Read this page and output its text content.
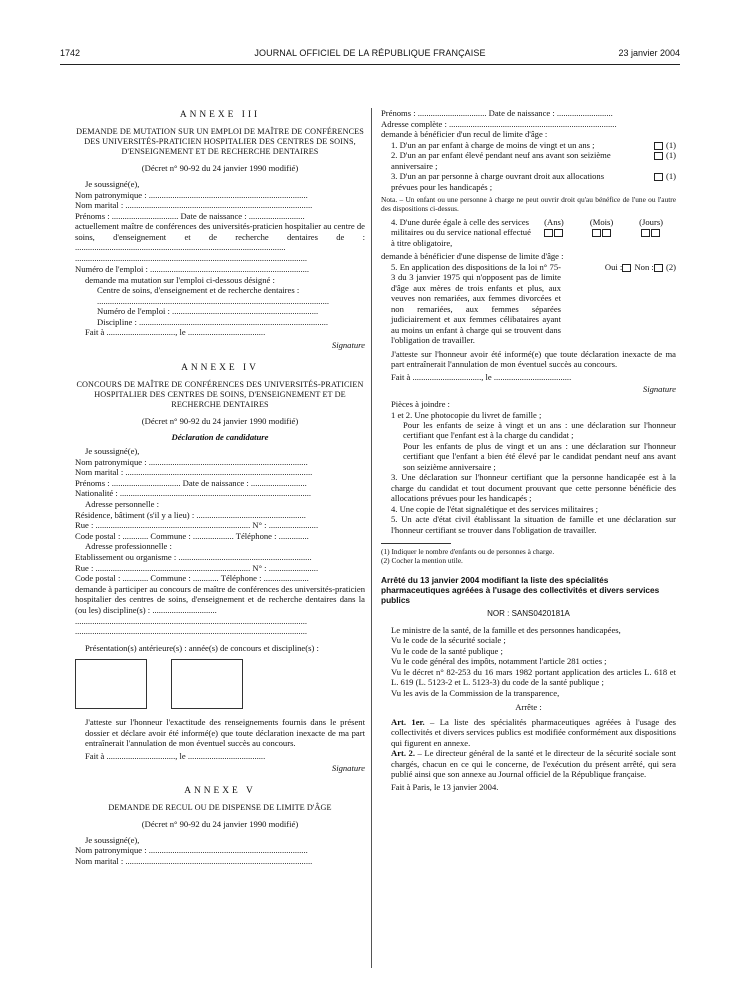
1742	JOURNAL OFFICIEL DE LA RÉPUBLIQUE FRANÇAISE	23 janvier 2004
ANNEXE III
DEMANDE DE MUTATION SUR UN EMPLOI DE MAÎTRE DE CONFÉRENCES DES UNIVERSITÉS-PRATICIEN HOSPITALIER DES CENTRES DE SOINS, D'ENSEIGNEMENT ET DE RECHERCHE DENTAIRES
(Décret n° 90-92 du 24 janvier 1990 modifié)
Je soussigné(e),
Nom patronymique : ..........................................................................
Nom marital : .......................................................................................
Prénoms : ............................... Date de naissance : ..........................
actuellement maître de conférences des universités-praticien hospitalier au centre de soins, d'enseignement et de recherche dentaires de : ..................................................................................................
............................................................................................................
Numéro de l'emploi : ..........................................................................
demande ma mutation sur l'emploi ci-dessous désigné :
Centre de soins, d'enseignement et de recherche dentaires :
............................................................................................................
Numéro de l'emploi : ....................................................................
Discipline : ........................................................................................
Fait à ................................, le ....................................
Signature
ANNEXE IV
CONCOURS DE MAÎTRE DE CONFÉRENCES DES UNIVERSITÉS-PRATICIEN HOSPITALIER DES CENTRES DE SOINS, D'ENSEIGNEMENT ET DE RECHERCHE DENTAIRES
(Décret n° 90-92 du 24 janvier 1990 modifié)
Déclaration de candidature
Je soussigné(e),
Nom patronymique : ..........................................................................
Nom marital : .......................................................................................
Prénoms : ................................ Date de naissance : ..........................
Nationalité : .........................................................................................
Adresse personnelle :
Résidence, bâtiment (s'il y a lieu) : ...................................................
Rue : ........................................................................ N° : .......................
Code postal : ............ Commune : ................... Téléphone : ..............
Adresse professionnelle :
Etablissement ou organisme : ..............................................................
Rue : ........................................................................ N° : .......................
Code postal : ............ Commune : ............ Téléphone : .....................
demande à participer au concours de maître de conférences des universités-praticien hospitalier des centres de soins, d'enseignement et de recherche dentaires dans la (ou les) discipline(s) : ..............................
............................................................................................................
............................................................................................................
Présentation(s) antérieure(s) : année(s) de concours et discipline(s) :
J'atteste sur l'honneur l'exactitude des renseignements fournis dans le présent dossier et déclare avoir été informé(e) que toute déclaration inexacte de ma part entraînerait l'annulation de mon éventuel succès au concours.
Fait à ................................, le ....................................
Signature
ANNEXE V
DEMANDE DE RECUL OU DE DISPENSE DE LIMITE D'ÂGE
(Décret n° 90-92 du 24 janvier 1990 modifié)
Je soussigné(e),
Nom patronymique : ..........................................................................
Nom marital : .......................................................................................
Prénoms : ................................ Date de naissance : ..........................
Adresse complète : ..............................................................................
demande à bénéficier d'un recul de limite d'âge :
1. D'un an par enfant à charge de moins de vingt et un ans ;	(1)
2. D'un an par enfant élevé pendant neuf ans avant son seizième anniversaire ;
(1)
3. D'un an par personne à charge ouvrant droit aux allocations prévues pour les handicapés ;
(1)
Nota. – Un enfant ou une personne à charge ne peut ouvrir droit qu'au bénéfice de l'une ou l'autre des dispositions ci-dessus.
4. D'une durée égale à celle des services militaires ou du service national effectué à titre obligatoire,
(Ans)	(Mois)	(Jours)
demande à bénéficier d'une dispense de limite d'âge :
5. En application des dispositions de la loi n° 75-3 du 3 janvier 1975 qui n'opposent pas de limite d'âge aux mères de trois enfants et plus, aux veuves non remariées, aux femmes divorcées et non remariées, aux femmes séparées judiciairement et aux femmes célibataires ayant au moins un enfant à charge qui se trouvent dans l'obligation de travailler.
Oui : Non : (2)
J'atteste sur l'honneur avoir été informé(e) que toute déclaration inexacte de ma part entraînerait l'annulation de mon éventuel succès au concours.
Fait à ................................, le ....................................
Signature
Pièces à joindre :
1 et 2. Une photocopie du livret de famille ;
Pour les enfants de seize à vingt et un ans : une déclaration sur l'honneur certifiant que l'enfant est à la charge du candidat ;
Pour les enfants de plus de vingt et un ans : une déclaration sur l'honneur certifiant que l'enfant a bien été élevé par le candidat pendant neuf ans avant son seizième anniversaire ;
3. Une déclaration sur l'honneur certifiant que la personne handicapée est à la charge du candidat et tout document prouvant que cette personne bénéficie des allocations prévues pour les handicapés ;
4. Une copie de l'état signalétique et des services militaires ;
5. Un acte d'état civil établissant la situation de famille et une déclaration sur l'honneur certifiant se trouver dans l'obligation de travailler.
(1) Indiquer le nombre d'enfants ou de personnes à charge.
(2) Cocher la mention utile.
Arrêté du 13 janvier 2004 modifiant la liste des spécialités pharmaceutiques agréées à l'usage des collectivités et divers services publics
NOR : SANS0420181A
Le ministre de la santé, de la famille et des personnes handicapées,
Vu le code de la sécurité sociale ;
Vu le code de la santé publique ;
Vu le code général des impôts, notamment l'article 281 octies ;
Vu le décret n° 82-253 du 16 mars 1982 portant application des articles L. 618 et L. 619 (L. 5123-2 et L. 5123-3) du code de la santé publique ;
Vu les avis de la Commission de la transparence,
Arrête :
Art. 1er. – La liste des spécialités pharmaceutiques agréées à l'usage des collectivités et divers services publics est modifiée conformément aux dispositions qui figurent en annexe.
Art. 2. – Le directeur général de la santé et le directeur de la sécurité sociale sont chargés, chacun en ce qui le concerne, de l'exécution du présent arrêté, qui sera publié ainsi que son annexe au Journal officiel de la République française.
Fait à Paris, le 13 janvier 2004.
